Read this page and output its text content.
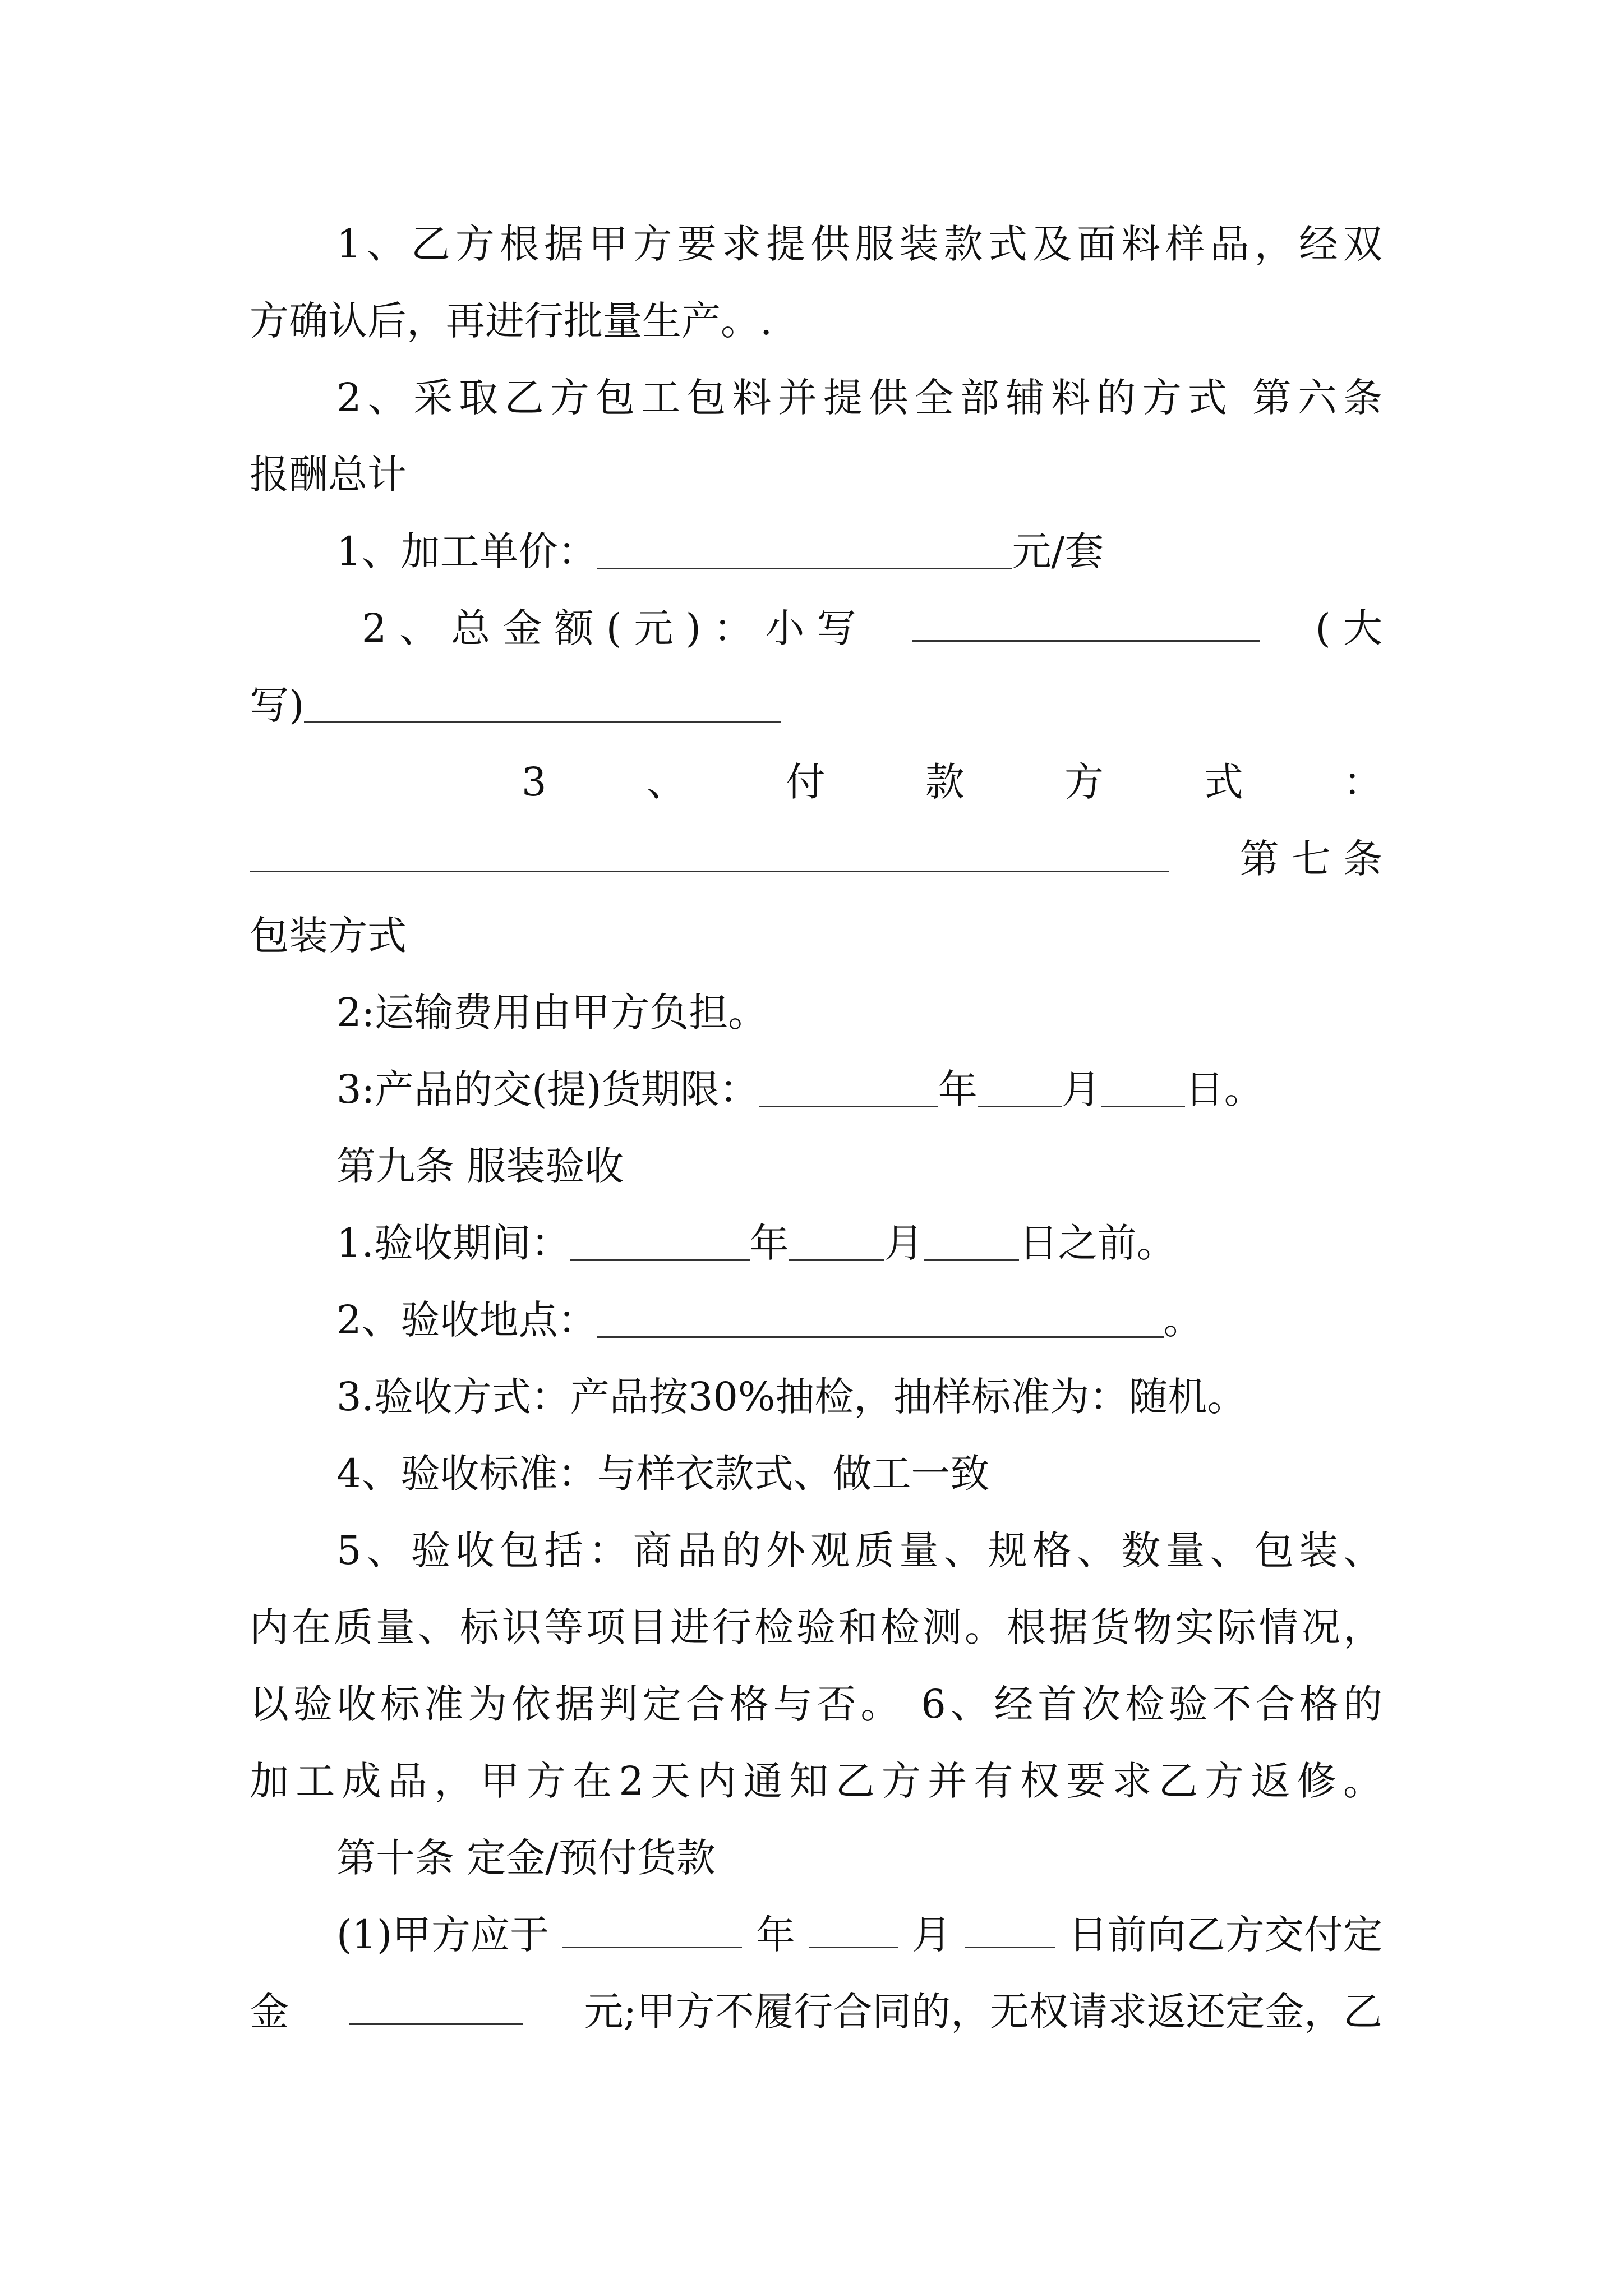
1、乙方根据甲方要求提供服装款式及面料样品，经双
方确认后，再进行批量生产。.
2、采取乙方包工包料并提供全部辅料的方式 第六条
报酬总计
1、加工单价：	元/套
2 、 总 金 额 ( 元 ) ： 小 写	( 大
写)
3	、	付	款	方	式	：
第 七 条
包装方式
2:运输费用由甲方负担。
3:产品的交(提)货期限：	年 月 日。
第九条 服装验收
1.验收期间：	年 月 日之前。
2、验收地点：	。
3.验收方式：产品按30%抽检，抽样标准为：随机。
4、验收标准：与样衣款式、做工一致
5、验收包括：商品的外观质量、规格、数量、包装、
内在质量、标识等项目进行检验和检测。根据货物实际情况，
以验收标准为依据判定合格与否。 6、经首次检验不合格的
加工成品，甲方在2天内通知乙方并有权要求乙方返修。
第十条 定金/预付货款
(1)甲方应于	年	月	日前向乙方交付定
金	元;甲方不履行合同的，无权请求返还定金，乙
